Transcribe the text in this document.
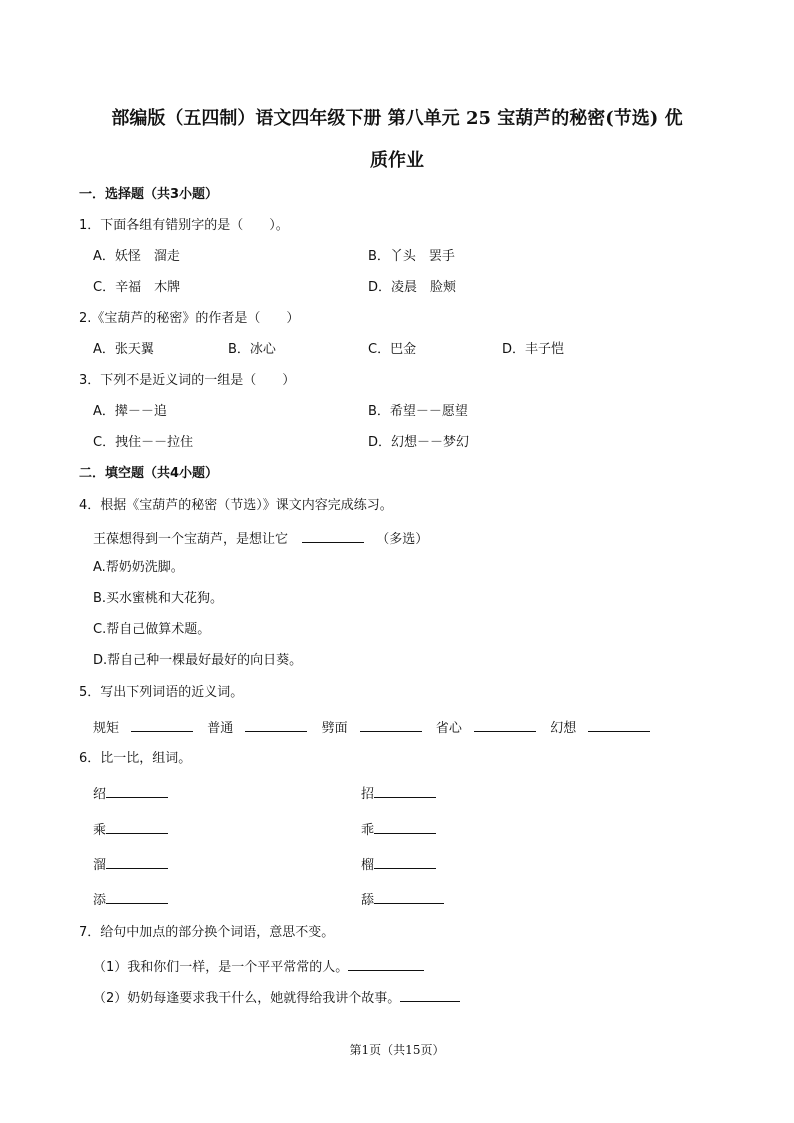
部编版（五四制）语文四年级下册 第八单元 25 宝葫芦的秘密(节选) 优
质作业
一．选择题（共3小题）
1．下面各组有错别字的是（　　）。
A．妖怪　溜走	B．丫头　罢手
C．辛福　木牌	D．凌晨　脸颊
2.《宝葫芦的秘密》的作者是（　　）
A．张天翼	B．冰心	C．巴金	D．丰子恺
3．下列不是近义词的一组是（　　）
A．撵－－追	B．希望－－愿望
C．拽住－－拉住	D．幻想－－梦幻
二．填空题（共4小题）
4．根据《宝葫芦的秘密（节选）》课文内容完成练习。
王葆想得到一个宝葫芦，是想让它	（多选）
A.帮奶奶洗脚。
B.买水蜜桃和大花狗。
C.帮自己做算术题。
D.帮自己种一棵最好最好的向日葵。
5．写出下列词语的近义词。
规矩	普通	劈面	省心	幻想
6．比一比，组词。
绍	招
乘	乖
溜	榴
添	舔
7．给句中加点的部分换个词语，意思不变。
（1）我和你们一样，是一个平平常常的人。
（2）奶奶每逢要求我干什么，她就得给我讲个故事。
第1页（共15页）
